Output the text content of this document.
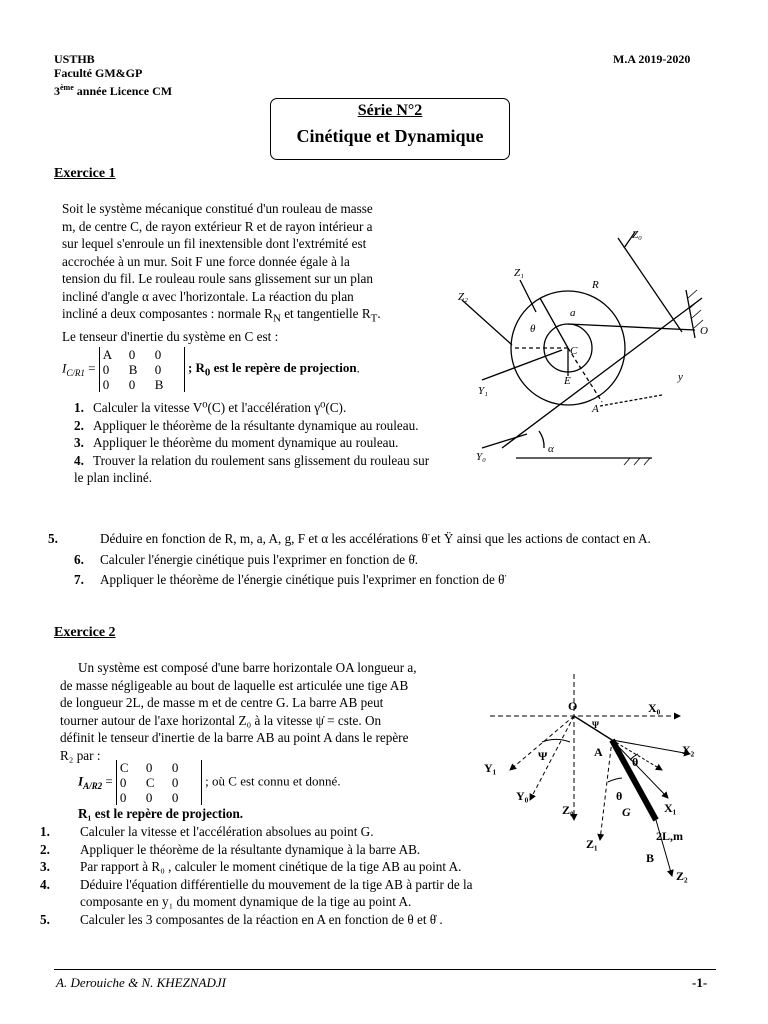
USTHB
Faculté GM&GP
3ème année Licence CM
M.A 2019-2020
Série N°2
Cinétique et Dynamique
Exercice 1
Soit le système mécanique constitué d'un rouleau de masse
m, de centre C, de rayon extérieur R et de rayon intérieur a
sur lequel s'enroule un fil inextensible dont l'extrémité est
accrochée à un mur. Soit F une force donnée égale à la
tension du fil. Le rouleau roule sans glissement sur un plan
incliné d'angle α avec l'horizontale. La réaction du plan
incliné a deux composantes : normale $R_N$ et tangentielle $R_T$.
Le tenseur d'inertie du système en C est :
$I_{C/R1}$ =
A 0 0
0 B 0
0 0 B
; $R_0$ est le repère de projection.
1. Calculer la vitesse V⁰(C) et l'accélération γ⁰(C).
2. Appliquer le théorème de la résultante dynamique au rouleau.
3. Appliquer le théorème du moment dynamique au rouleau.
4. Trouver la relation du roulement sans glissement du rouleau sur le plan incliné.
5.	Déduire en fonction de R, m, a, A, g, F et α les accélérations θ̈ et Ÿ ainsi que les actions de contact en A.
6. Calculer l'énergie cinétique puis l'exprimer en fonction de θ̇.
7. Appliquer le théorème de l'énergie cinétique puis l'exprimer en fonction de θ̈
Z₀
Z₁
Z₂
Y₁
Y₀
R
a
θ
C
E	y
A
O
α
Exercice 2
Un système est composé d'une barre horizontale OA longueur a,
de masse négligeable au bout de laquelle est articulée une tige AB
de longueur 2L, de masse m et de centre G. La barre AB peut
tourner autour de l'axe horizontal Z₀ à la vitesse ψ̇ = cste. On
définit le tenseur d'inertie de la barre AB au point A dans le repère
R₂ par :
$I_{A/R2}$ =
C 0 0
0 C 0
0 0 0
; où C est connu et donné.
R₁ est le repère de projection.
1. Calculer la vitesse et l'accélération absolues au point G.
2. Appliquer le théorème de la résultante dynamique à la barre AB.
3. Par rapport à R₀ , calculer le moment cinétique de la tige AB au point A.
4. Déduire l'équation différentielle du mouvement de la tige AB à partir de la composante en y₁ du moment dynamique de la tige au point A.
5. Calculer les 3 composantes de la réaction en A en fonction de θ et θ̇ .
O	X₀
Y₁
Ψ
Ψ
A	X₂
Y₀
Z₀
θ
θ
X₁
G
Z₁
2L,m
B
Z₂
A. Derouiche & N. KHEZNADJI	-1-
